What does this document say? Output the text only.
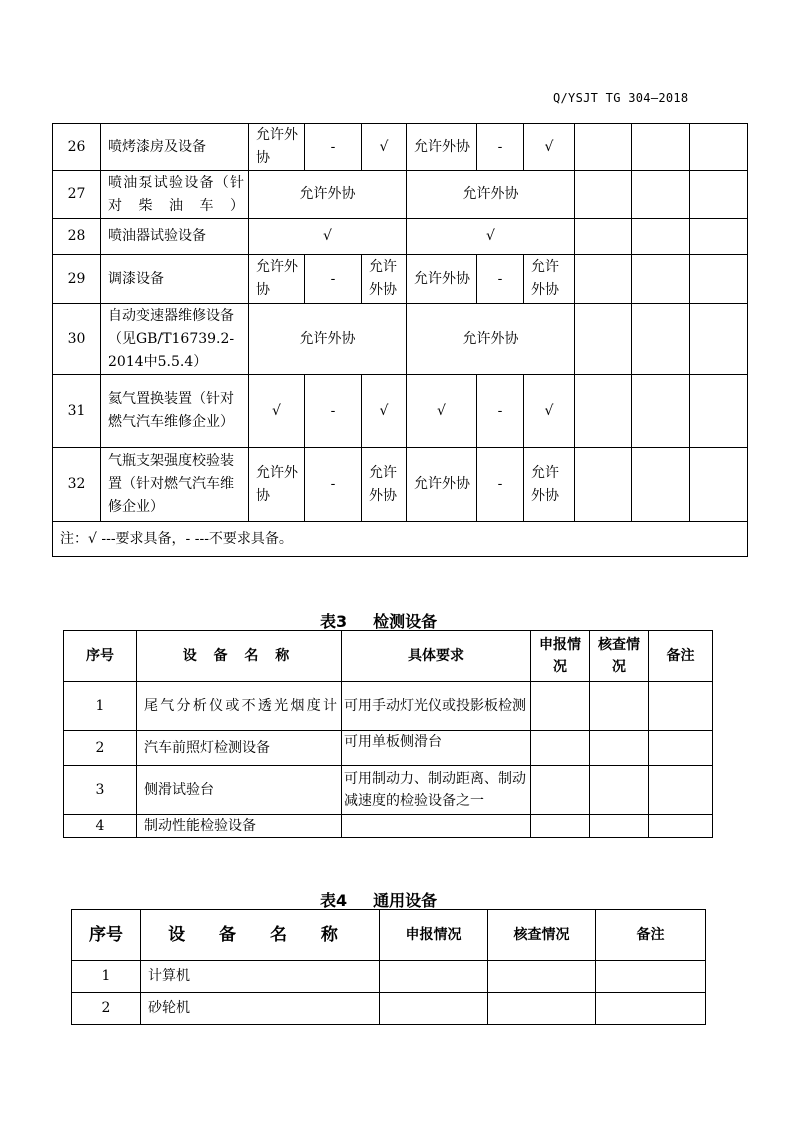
Q/YSJT TG 304—2018
26	喷烤漆房及设备	允许外协	-	√	允许外协	-	√			
27	喷油泵试验设备（针对柴油车）	允许外协			允许外协					
28	喷油器试验设备	√			√					
29	调漆设备	允许外协	-	允许外协	允许外协	-	允许外协			
30	自动变速器维修设备（见GB/T16739.2-2014中5.5.4）	允许外协			允许外协					
31	氦气置换装置（针对燃气汽车维修企业）	√	-	√	√	-	√			
32	气瓶支架强度校验装置（针对燃气汽车维修企业）	允许外协	-	允许外协	允许外协	-	允许外协			
注：√ ---要求具备，- ---不要求具备。										
表3 检测设备
序号	设 备 名 称	具体要求	申报情况	核查情况	备注
1	尾气分析仪或不透光烟度计	可用手动灯光仪或投影板检测			
2	汽车前照灯检测设备	可用单板侧滑台			
3	侧滑试验台	可用制动力、制动距离、制动减速度的检验设备之一			
4	制动性能检验设备				
表4 通用设备
序号	设 备 名 称	申报情况	核查情况	备注
1	计算机			
2	砂轮机			
